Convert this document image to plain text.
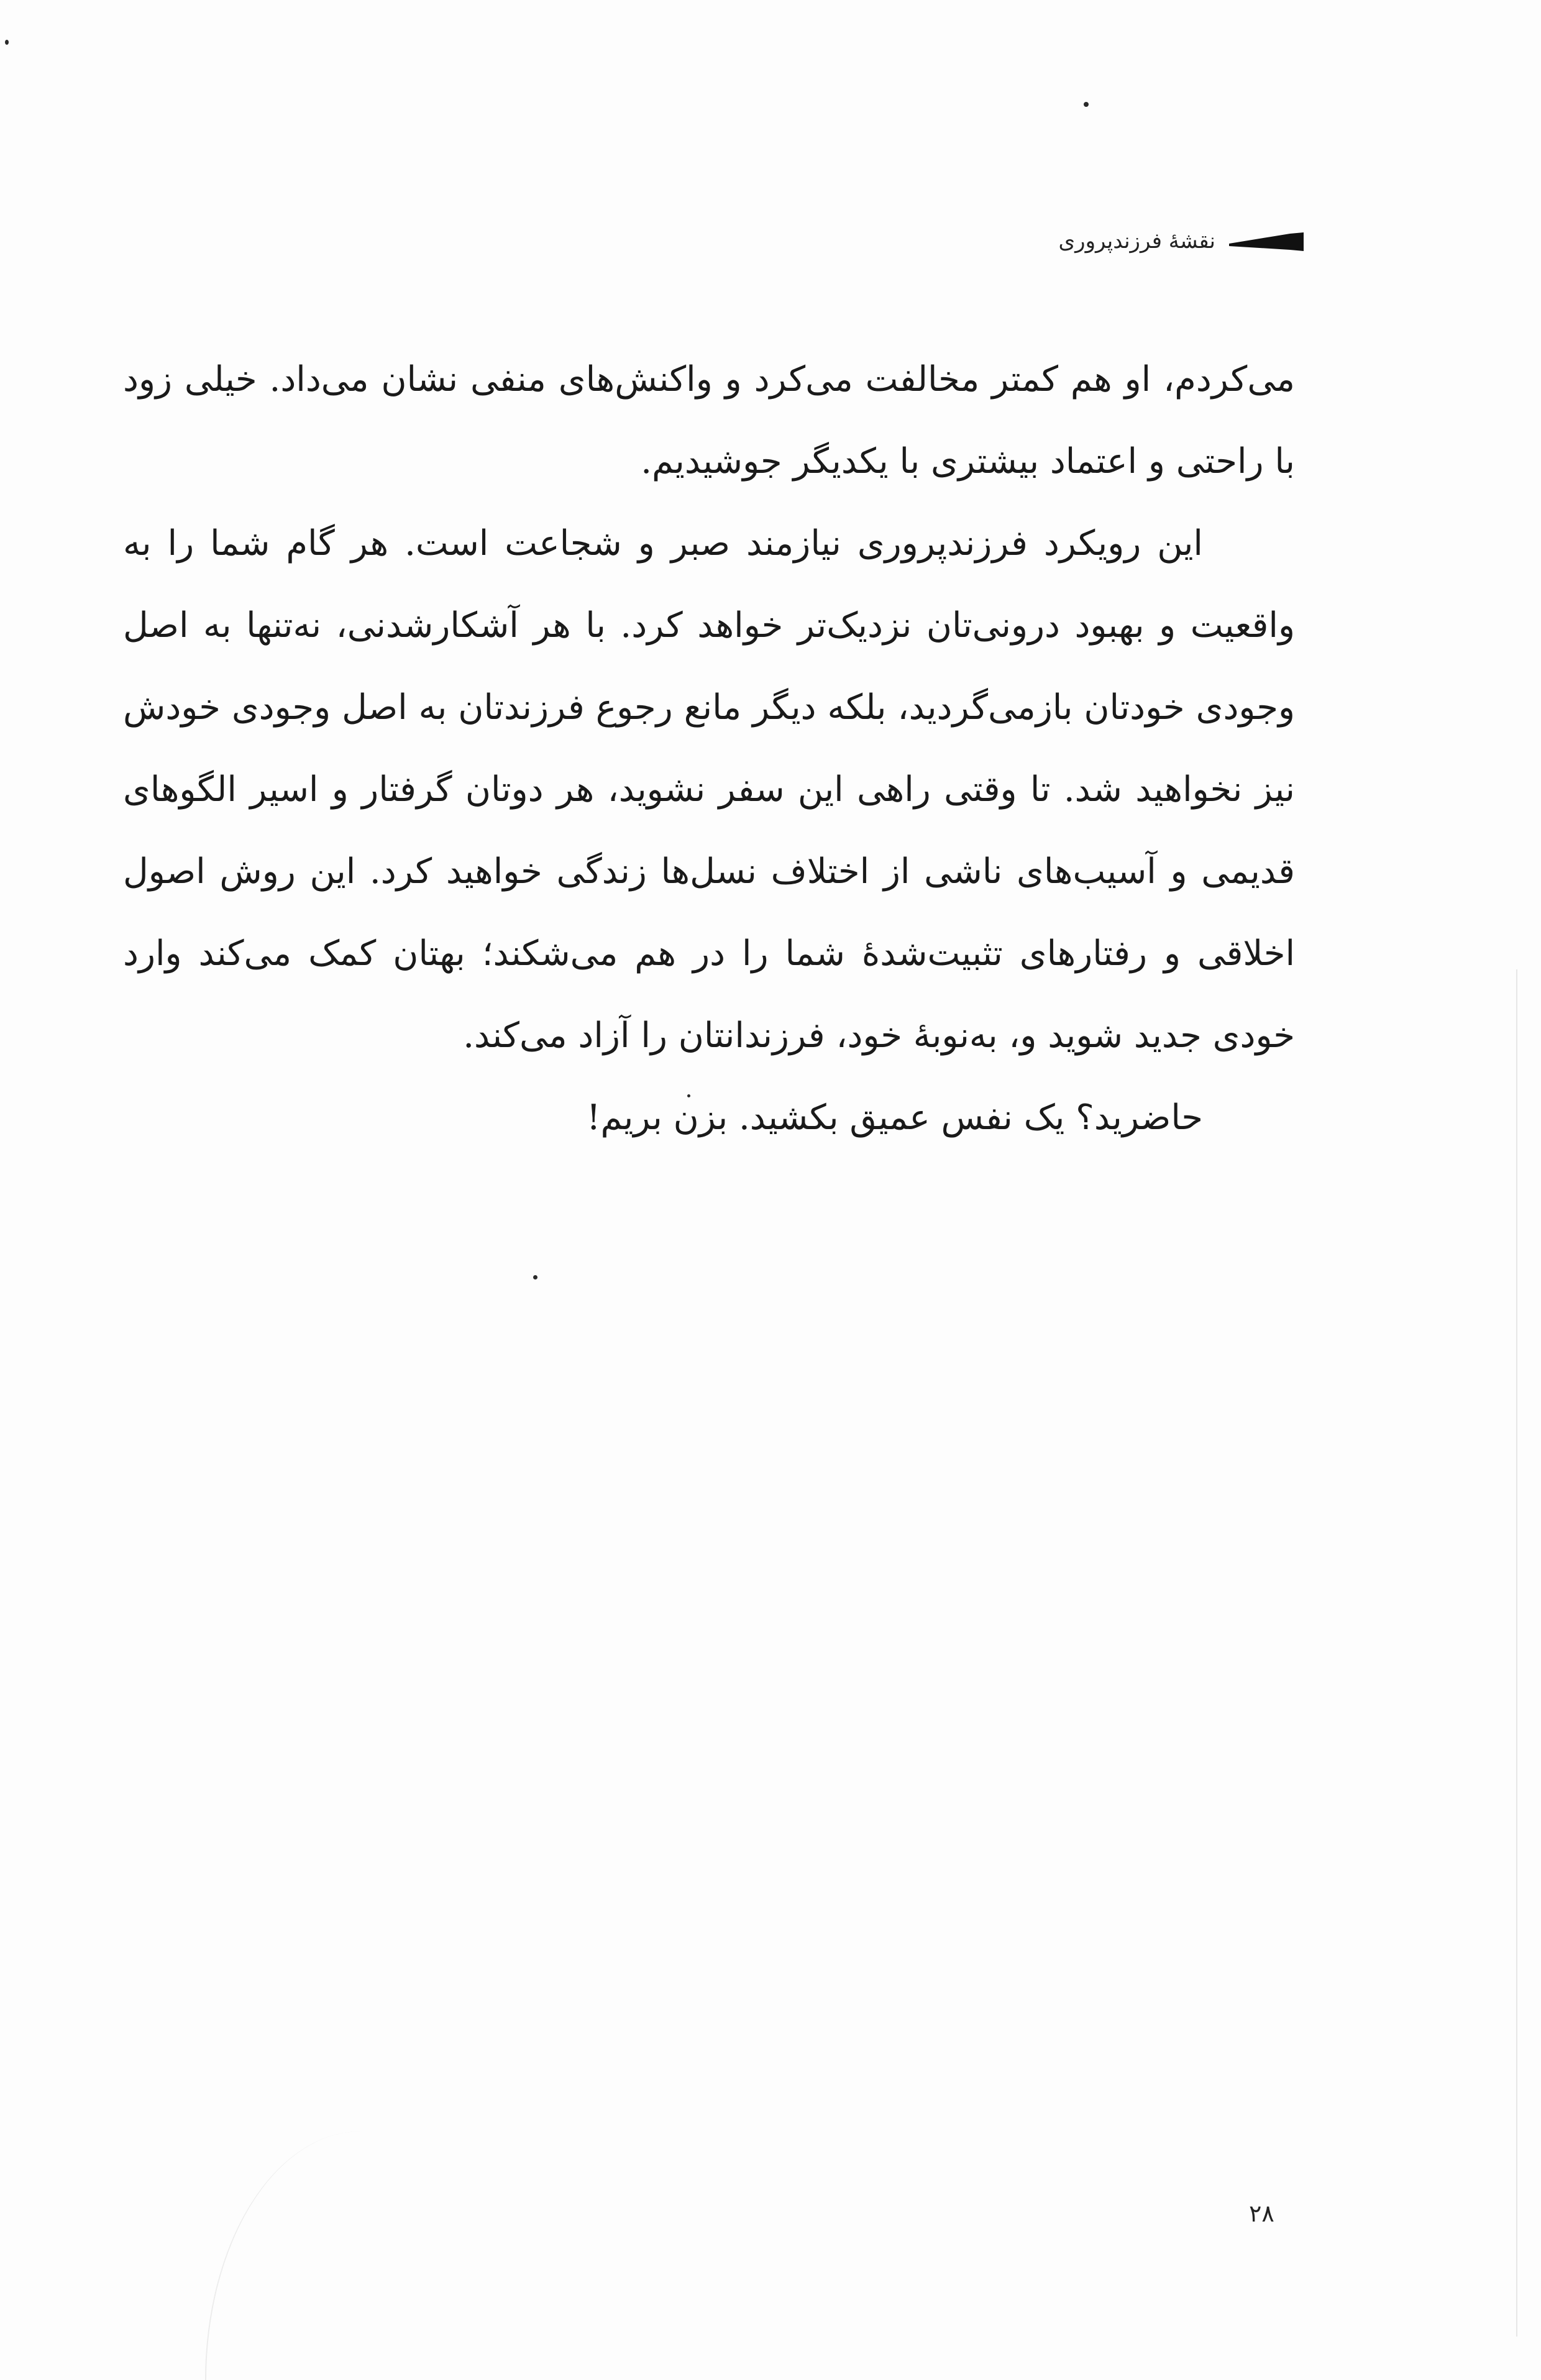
نقشهٔ فرزندپروری

می‌کردم، او هم کمتر مخالفت می‌کرد و واکنش‌های منفی نشان می‌داد. خیلی زود با راحتی و اعتماد بیشتری با یکدیگر جوشیدیم.

این رویکرد فرزندپروری نیازمند صبر و شجاعت است. هر گام شما را به واقعیت و بهبود درونی‌تان نزدیک‌تر خواهد کرد. با هر آشکارشدنی، نه‌تنها به اصل وجودی خودتان بازمی‌گردید، بلکه دیگر مانع رجوع فرزندتان به اصل وجودی خودش نیز نخواهید شد. تا وقتی راهی این سفر نشوید، هر دوتان گرفتار و اسیر الگوهای قدیمی و آسیب‌های ناشی از اختلاف نسل‌ها زندگی خواهید کرد. این روش اصول اخلاقی و رفتارهای تثبیت‌شدهٔ شما را در هم می‌شکند؛ بهتان کمک می‌کند وارد خودی جدید شوید و، به‌نوبهٔ خود، فرزندانتان را آزاد می‌کند.

حاضرید؟ یک نفس عمیق بکشید. بزن بریم!

۲۸
